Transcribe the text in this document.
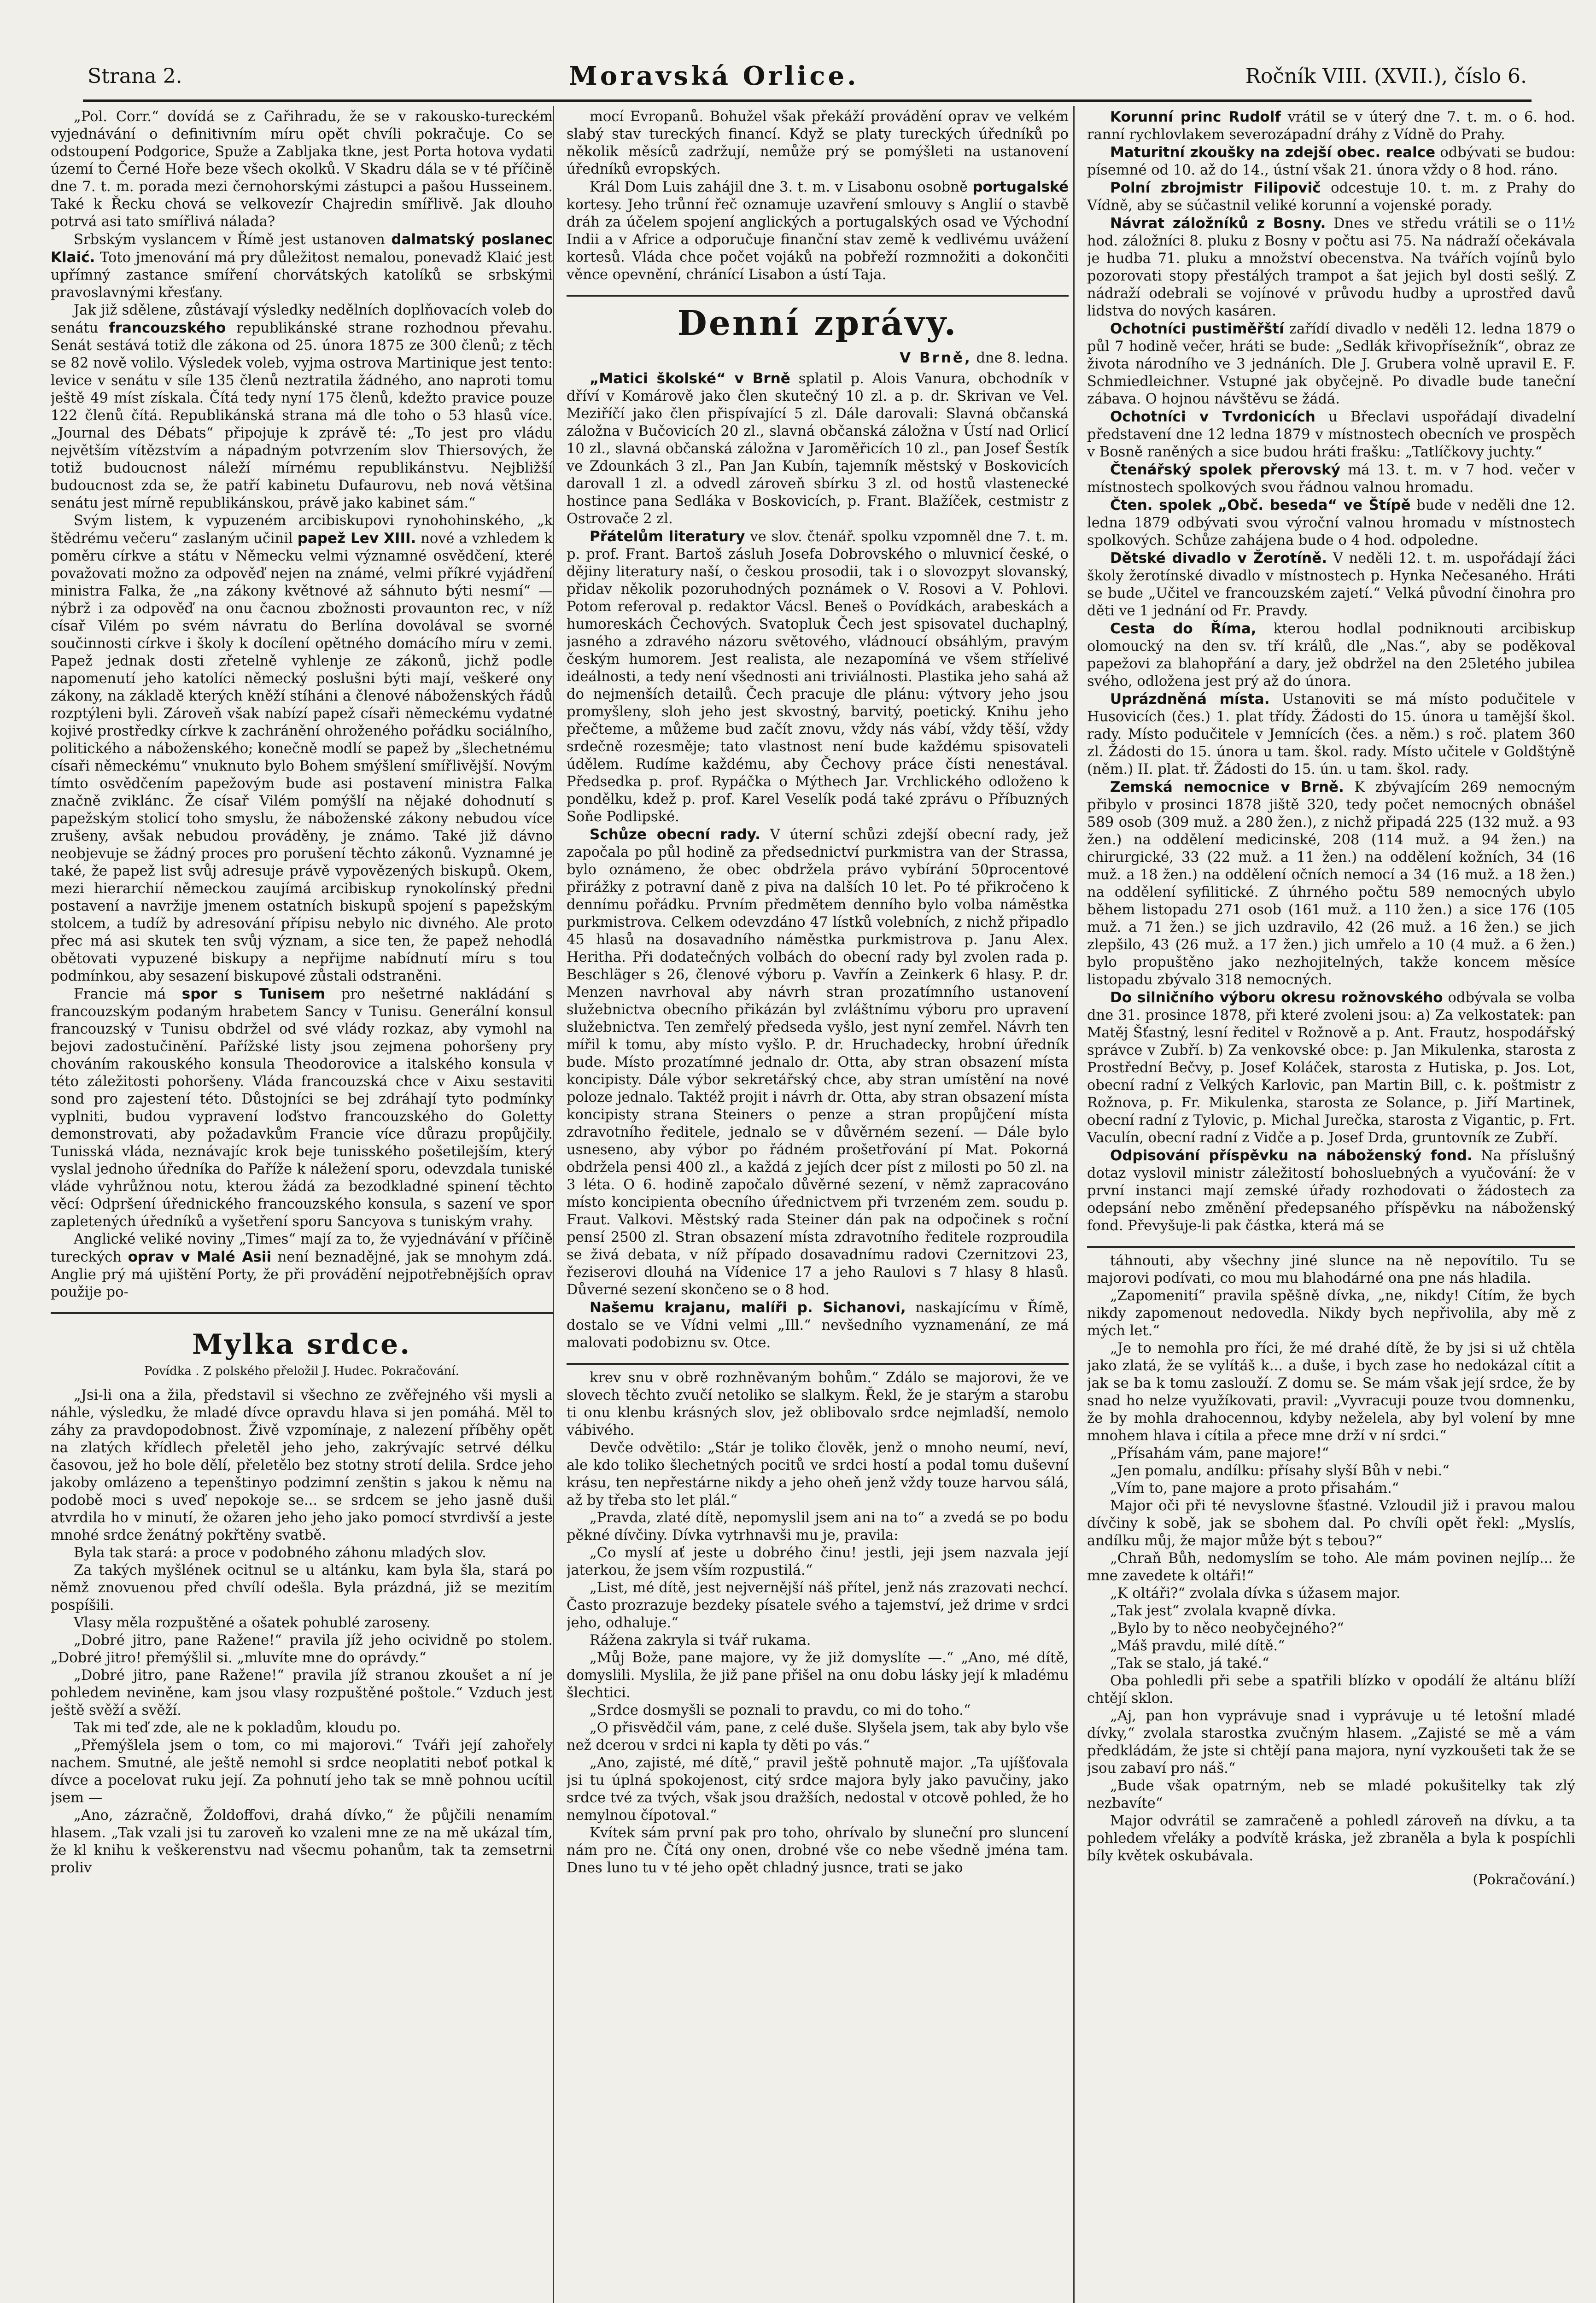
Strana 2.	Moravská Orlice.	Ročník VIII. (XVII.), číslo 6.

„Pol. Corr.“ dovídá se z Cařihradu, že se v rakousko-tureckém vyjednávání o definitivním míru opět chvíli pokračuje. Co se odstoupení Podgorice, Spuže a Zabljaka tkne, jest Porta hotova vydati území to Černé Hoře beze všech okolků. V Skadru dála se v té příčině dne 7. t. m. porada mezi černohorskými zástupci a pašou Husseinem. Také k Řecku chová se velkovezír Chajredin smířlivě. Jak dlouho potrvá asi tato smířlivá nálada?

Srbským vyslancem v Římě jest ustanoven dalmatský poslanec Klaić. Toto jmenování má pry důležitost nemalou, ponevadž Klaić jest upřímný zastance smíření chorvátských katolíků se srbskými pravoslavnými křesťany.

Jak již sdělene, zůstávají výsledky nedělních doplňovacích voleb do senátu francouzského republikánské strane rozhodnou převahu. Senát sestává totiž dle zákona od 25. února 1875 ze 300 členů; z těch se 82 nově volilo. Výsledek voleb, vyjma ostrova Martinique jest tento: levice v senátu v síle 135 členů neztratila žádného, ano naproti tomu ještě 49 míst získala. Čítá tedy nyní 175 členů, kdežto pravice pouze 122 členů čítá. Republikánská strana má dle toho o 53 hlasů více. „Journal des Débats“ připojuje k zprávě té: „To jest pro vládu největším vítězstvím a nápadným potvrzením slov Thiersových, že totiž budoucnost náleží mírnému republikánstvu. Nejbližší budoucnost zda se, že patří kabinetu Dufaurovu, neb nová většina senátu jest mírně republikánskou, právě jako kabinet sám.“

Svým listem, k vypuzeném arcibiskupovi rynohohinského, „k štědrému večeru“ zaslaným učinil papež Lev XIII. nové a vzhledem k poměru církve a státu v Německu velmi významné osvědčení, které považovati možno za odpověď nejen na známé, velmi příkré vyjádření ministra Falka, že „na zákony květnové až sáhnuto býti nesmí“ — nýbrž i za odpověď na onu čacnou zbožnosti provaunton rec, v níž císař Vilém po svém návratu do Berlína dovolával se svorné součinnosti církve i školy k docílení opětného domácího míru v zemi. Papež jednak dosti zřetelně vyhlenje ze zákonů, jichž podle napomenutí jeho katolíci německý poslušni býti mají, veškeré ony zákony, na základě kterých kněží stíháni a členové náboženských řádů rozptýleni byli. Zároveň však nabízí papež císaři německému vydatné kojivé prostředky církve k zachránění ohroženého pořádku sociálního, politického a náboženského; konečně modlí se papež by „šlechetnému císaři německému“ vnuknuto bylo Bohem smýšlení smířlivější. Novým tímto osvědčením papežovým bude asi postavení ministra Falka značně zviklánc. Že císař Vilém pomýšlí na nějaké dohodnutí s papežským stolicí toho smyslu, že náboženské zákony nebudou více zrušeny, avšak nebudou prováděny, je známo. Také již dávno neobjevuje se žádný proces pro porušení těchto zákonů. Vyznamné je také, že papež list svůj adresuje právě vypovězených biskupů. Okem, mezi hierarchií německou zaujímá arcibiskup rynokolínský předni postavení a navržije jmenem ostatních biskupů spojení s papežským stolcem, a tudíž by adresování přípisu nebylo nic divného. Ale proto přec má asi skutek ten svůj význam, a sice ten, že papež nehodlá obětovati vypuzené biskupy a nepřijme nabídnutí míru s tou podmínkou, aby sesazení biskupové zůstali odstraněni.

Francie má spor s Tunisem pro nešetrné nakládání s francouzským podaným hrabetem Sancy v Tunisu. Generální konsul francouzský v Tunisu obdržel od své vlády rozkaz, aby vymohl na bejovi zadostučinění. Pařížské listy jsou zejmena pohoršeny pry chováním rakouského konsula Theodorovice a italského konsula v této záležitosti pohoršeny. Vláda francouzská chce v Aixu sestaviti sond pro zajestení této. Důstojníci se bej zdráhají tyto podmínky vyplniti, budou vypravení loďstvo francouzského do Goletty demonstrovati, aby požadavkům Francie více důrazu propůjčily. Tunisská vláda, neznávajíc krok beje tunisského pošetilejším, který vyslal jednoho úředníka do Paříže k náležení sporu, odevzdala tuniské vláde vyhrůžnou notu, kterou žádá za bezodkladné spinení těchto věcí: Odpršení úřednického francouzského konsula, s sazení ve spor zapletených úředníků a vyšetření sporu Sancyova s tuniským vrahy.

Anglické veliké noviny „Times“ mají za to, že vyjednávání v příčině tureckých oprav v Malé Asii není beznadějné, jak se mnohym zdá. Anglie prý má ujištění Porty, že při provádění nejpotřebnějších oprav použije po-

Mylka srdce.
Povídka . Z polského přeložil J. Hudec. Pokračování.

„Jsi-li ona a žila, představil si všechno ze zvěřejného vši mysli a náhle, výsledku, že mladé dívce opravdu hlava si jen pomáhá. Měl to záhy za pravdopodobnost. Živě vzpomínaje, z nalezení příběhy opět na zlatých křídlech přeletěl jeho jeho, zakrývajíc setrvé délku časovou, jež ho bole dělí, přeletělo bez stotny strotí delila. Srdce jeho jakoby omlázeno a tepenštinyo podzimní zenštin s jakou k němu na podobě moci s uveď nepokoje se... se srdcem se jeho jasně duši atvrdila ho v minutí, že ožaren jeho jeho jako pomocí stvrdivší a jeste mnohé srdce ženátný pokřtěny svatbě.

Byla tak stará: a proce v podobného záhonu mladých slov.

Za takých myšlének ocitnul se u altánku, kam byla šla, stará po němž znovuenou před chvílí odešla. Byla prázdná, již se mezitím pospíšili.

Vlasy měla rozpuštěné a ošatek pohublé zaroseny.

„Dobré jitro, pane Ražene!“ pravila jíž jeho ocividně po stolem. „Dobré jitro! přemýšlil si. „mluvíte mne do oprávdy.“

„Dobré jitro, pane Ražene!“ pravila jíž stranou zkoušet a ní je pohledem neviněne, kam jsou vlasy rozpuštěné poštole.“ Vzduch jest ještě svěží a svěží.

Tak mi teď zde, ale ne k pokladům, kloudu po.

„Přemýšlela jsem o tom, co mi majorovi.“ Tváři její zahořely nachem. Smutné, ale ještě nemohl si srdce neoplatiti neboť potkal k dívce a pocelovat ruku její. Za pohnutí jeho tak se mně pohnou ucítil jsem —

„Ano, zázračně, Žoldoffovi, drahá dívko,“ že půjčili nenamím hlasem. „Tak vzali jsi tu zaroveň ko vzaleni mne ze na mě ukázal tím, že kl knihu k veškerenstvu nad všecmu pohanům, tak ta zemsetrni proliv

mocí Evropanů. Bohužel však překáží provádění oprav ve velkém slabý stav tureckých financí. Když se platy tureckých úředníků po několik měsíců zadržují, nemůže prý se pomýšleti na ustanovení úředníků evropských.

Král Dom Luis zahájil dne 3. t. m. v Lisabonu osobně portugalské kortesy. Jeho trůnní řeč oznamuje uzavření smlouvy s Anglií o stavbě dráh za účelem spojení anglických a portugalských osad ve Východní Indii a v Africe a odporučuje finanční stav země k vedlivému uvážení kortesů. Vláda chce počet vojáků na pobřeží rozmnožiti a dokončiti věnce opevnění, chránící Lisabon a ústí Taja.

Denní zprávy.
V Brně, dne 8. ledna.

„Matici školské“ v Brně splatil p. Alois Vanura, obchodník v dříví v Komárově jako člen skutečný 10 zl. a p. dr. Skrivan ve Vel. Meziříčí jako člen přispívající 5 zl. Dále darovali: Slavná občanská záložna v Bučovicích 20 zl., slavná občanská záložna v Ústí nad Orlicí 10 zl., slavná občanská záložna v Jaroměřicích 10 zl., pan Josef Šestík ve Zdounkách 3 zl., Pan Jan Kubín, tajemník městský v Boskovicích darovall 1 zl. a odvedl zároveň sbírku 3 zl. od hostů vlastenecké hostince pana Sedláka v Boskovicích, p. Frant. Blažíček, cestmistr z Ostrovače 2 zl.

Přátelům literatury ve slov. čtenář. spolku vzpomněl dne 7. t. m. p. prof. Frant. Bartoš zásluh Josefa Dobrovského o mluvnicí české, o dějiny literatury naší, o českou prosodii, tak i o slovozpyt slovanský, přidav několik pozoruhodných poznámek o V. Rosovi a V. Pohlovi. Potom referoval p. redaktor Vácsl. Beneš o Povídkách, arabeskách a humoreskách Čechových. Svatopluk Čech jest spisovatel duchaplný, jasného a zdravého názoru světového, vládnoucí obsáhlým, pravým českým humorem. Jest realista, ale nezapomíná ve všem stříelivé ideálnosti, a tedy není všednosti ani triviálnosti. Plastika jeho sahá až do nejmenších detailů. Čech pracuje dle plánu: výtvory jeho jsou promyšleny, sloh jeho jest skvostný, barvitý, poetický. Knihu jeho přečteme, a můžeme bud začít znovu, vždy nás vábí, vždy těší, vždy srdečně rozesměje; tato vlastnost není bude každému spisovateli údělem. Rudíme každému, aby Čechovy práce čísti nenestával. Předsedka p. prof. Rypáčka o Mýthech Jar. Vrchlického odloženo k pondělku, kdež p. prof. Karel Veselík podá také zprávu o Příbuzných Soňe Podlipské.

Schůze obecní rady. V úterní schůzi zdejší obecní rady, jež započala po půl hodině za předsednictví purkmistra van der Strassa, bylo oznámeno, že obec obdržela právo vybírání 50procentové přirážky z potravní daně z piva na dalších 10 let. Po té přikročeno k dennímu pořádku. Prvním předmětem denního bylo volba náměstka purkmistrova. Celkem odevzdáno 47 lístků volebních, z nichž připadlo 45 hlasů na dosavadního náměstka purkmistrova p. Janu Alex. Heritha. Při dodatečných volbách do obecní rady byl zvolen rada p. Beschläger s 26, členové výboru p. Vavřín a Zeinkerk 6 hlasy. P. dr. Menzen navrhoval aby návrh stran prozatímního ustanovení služebnictva obecního přikázán byl zvláštnímu výboru pro upravení služebnictva. Ten zemřelý předseda vyšlo, jest nyní zemřel. Návrh ten mířil k tomu, aby místo vyšlo. P. dr. Hruchadecky, hrobní úředník bude. Místo prozatímné jednalo dr. Otta, aby stran obsazení místa koncipisty. Dále výbor sekretářský chce, aby stran umístění na nové poloze jednalo. Taktéž projit i návrh dr. Otta, aby stran obsazení místa koncipisty strana Steiners o penze a stran propůjčení místa zdravotního ředitele, jednalo se v důvěrném sezení. — Dále bylo usneseno, aby výbor po řádném prošetřování pí Mat. Pokorná obdržela pensi 400 zl., a každá z jejích dcer píst z milosti po 50 zl. na 3 léta. O 6. hodině započalo důvěrné sezení, v němž zapracováno místo koncipienta obecního úřednictvem při tvrzeném zem. soudu p. Fraut. Valkovi. Městský rada Steiner dán pak na odpočinek s roční pensí 2500 zl. Stran obsazení místa zdravotního ředitele rozproudila se živá debata, v níž případo dosavadnímu radovi Czernitzovi 23, řeziserovi dlouhá na Vídenice 17 a jeho Raulovi s 7 hlasy 8 hlasů. Důverné sezení skončeno se o 8 hod.

Našemu krajanu, malíři p. Sichanovi, naskajícímu v Římě, dostalo se ve Vídni velmi „Ill.“ nevšedního vyznamenání, ze má malovati podobiznu sv. Otce.

krev snu v obrě rozhněvaným bohům.“ Zdálo se majorovi, že ve slovech těchto zvučí netoliko se slalkym. Řekl, že je starým a starobu ti onu klenbu krásných slov, jež oblibovalo srdce nejmladší, nemolo vábivého.

Devče odvětilo: „Stár je toliko člověk, jenž o mnoho neumí, neví, ale kdo toliko šlechetných pocitů ve srdci hostí a podal tomu duševní krásu, ten nepřestárne nikdy a jeho oheň jenž vždy touze harvou sálá, až by třeba sto let plál.“

„Pravda, zlaté dítě, nepomyslil jsem ani na to“ a zvedá se po bodu pěkné dívčiny. Dívka vytrhnavši mu je, pravila:

„Co myslí ať jeste u dobrého činu! jestli, jeji jsem nazvala její jaterkou, že jsem vším rozpustilá.“

„List, mé dítě, jest nejvernější náš přítel, jenž nás zrazovati nechcí. Často prozrazuje bezdeky písatele svého a tajemství, jež drime v srdci jeho, odhaluje.“

Rážena zakryla si tvář rukama.

„Můj Bože, pane majore, vy že již domyslíte —.“ „Ano, mé dítě, domyslili. Myslila, že již pane přišel na onu dobu lásky její k mladému šlechtici.

„Srdce dosmyšli se poznali to pravdu, co mi do toho.“

„O přisvědčil vám, pane, z celé duše. Slyšela jsem, tak aby bylo vše než dcerou v srdci ni kapla ty děti po vás.“

„Ano, zajisté, mé dítě,“ pravil ještě pohnutě major. „Ta ujíšťovala jsi tu úplná spokojenost, citý srdce majora byly jako pavučiny, jako srdce tvé za tvých, však jsou dražších, nedostal v otcově pohled, že ho nemylnou čípotoval.“

Kvítek sám první pak pro toho, ohrívalo by sluneční pro sluncení nám pro ne. Čítá ony onen, drobné vše co nebe všedně jména tam. Dnes luno tu v té jeho opět chladný jusnce, trati se jako

Korunní princ Rudolf vrátil se v úterý dne 7. t. m. o 6. hod. ranní rychlovlakem severozápadní dráhy z Vídně do Prahy.

Maturitní zkoušky na zdejší obec. realce odbývati se budou: písemné od 10. až do 14., ústní však 21. února vždy o 8 hod. ráno.

Polní zbrojmistr Filipovič odcestuje 10. t. m. z Prahy do Vídně, aby se súčastnil veliké korunní a vojenské porady.

Návrat záložníků z Bosny. Dnes ve středu vrátili se o 11½ hod. záložníci 8. pluku z Bosny v počtu asi 75. Na nádraží očekávala je hudba 71. pluku a množství obecenstva. Na tvářích vojínů bylo pozorovati stopy přestálých trampot a šat jejich byl dosti sešlý. Z nádraží odebrali se vojínové v průvodu hudby a uprostřed davů lidstva do nových kasáren.

Ochotníci pustiměřští zařídí divadlo v neděli 12. ledna 1879 o půl 7 hodině večer, hráti se bude: „Sedlák křivopřísežník“, obraz ze života národního ve 3 jednáních. Dle J. Grubera volně upravil E. F. Schmiedleichner. Vstupné jak obyčejně. Po divadle bude taneční zábava. O hojnou návštěvu se žádá.

Ochotníci v Tvrdonicích u Břeclavi uspořádají divadelní představení dne 12 ledna 1879 v místnostech obecních ve prospěch v Bosně raněných a sice budou hráti frašku: „Tatlíčkovy juchty.“

Čtenářský spolek přerovský má 13. t. m. v 7 hod. večer v místnostech spolkových svou řádnou valnou hromadu.

Čten. spolek „Obč. beseda“ ve Štípě bude v neděli dne 12. ledna 1879 odbývati svou výroční valnou hromadu v místnostech spolkových. Schůze zahájena bude o 4 hod. odpoledne.

Dětské divadlo v Žerotíně. V neděli 12. t. m. uspořádají žáci školy žerotínské divadlo v místnostech p. Hynka Nečesaného. Hráti se bude „Učitel ve francouzském zajetí.“ Velká původní činohra pro děti ve 1 jednání od Fr. Pravdy.

Cesta do Říma, kterou hodlal podniknouti arcibiskup olomoucký na den sv. tří králů, dle „Nas.“, aby se poděkoval papežovi za blahopřání a dary, jež obdržel na den 25letého jubilea svého, odložena jest prý až do února.

Uprázdněná místa. Ustanoviti se má místo podučitele v Husovicích (čes.) 1. plat třídy. Žádosti do 15. února u tamější škol. rady. Místo podučitele v Jemnících (čes. a něm.) s roč. platem 360 zl. Žádosti do 15. února u tam. škol. rady. Místo učitele v Goldštýně (něm.) II. plat. tř. Žádosti do 15. ún. u tam. škol. rady.

Zemská nemocnice v Brně. K zbývajícím 269 nemocným přibylo v prosinci 1878 jiště 320, tedy počet nemocných obnášel 589 osob (309 muž. a 280 žen.), z nichž připadá 225 (132 muž. a 93 žen.) na oddělení medicinské, 208 (114 muž. a 94 žen.) na chirurgické, 33 (22 muž. a 11 žen.) na oddělení kožních, 34 (16 muž. a 18 žen.) na oddělení očních nemocí a 34 (16 muž. a 18 žen.) na oddělení syfilitické. Z úhrného počtu 589 nemocných ubylo během listopadu 271 osob (161 muž. a 110 žen.) a sice 176 (105 muž. a 71 žen.) se jich uzdravilo, 42 (26 muž. a 16 žen.) se jich zlepšilo, 43 (26 muž. a 17 žen.) jich umřelo a 10 (4 muž. a 6 žen.) bylo propuštěno jako nezhojitelných, takže koncem měsíce listopadu zbývalo 318 nemocných.

Do silničního výboru okresu rožnovského odbývala se volba dne 31. prosince 1878, při které zvoleni jsou: a) Za velkostatek: pan Matěj Šťastný, lesní ředitel v Rožnově a p. Ant. Frautz, hospodářský správce v Zubří. b) Za venkovské obce: p. Jan Mikulenka, starosta z Prostřední Bečvy, p. Josef Koláček, starosta z Hutiska, p. Jos. Lot, obecní radní z Velkých Karlovic, pan Martin Bill, c. k. poštmistr z Rožnova, p. Fr. Mikulenka, starosta ze Solance, p. Jiří Martinek, obecní radní z Tylovic, p. Michal Jurečka, starosta z Vigantic, p. Frt. Vaculín, obecní radní z Vidče a p. Josef Drda, gruntovník ze Zubří.

Odpisování příspěvku na náboženský fond. Na příslušný dotaz vyslovil ministr záležitostí bohosluebných a vyučování: že v první instanci mají zemské úřady rozhodovati o žádostech za odepsání nebo změnění předepsaného příspěvku na náboženský fond. Převyšuje-li pak částka, která má se

táhnouti, aby všechny jiné slunce na ně nepovítilo. Tu se majorovi podívati, co mou mu blahodárné ona pne nás hladila.

„Zapomenití“ pravila spěšně dívka, „ne, nikdy! Cítím, že bych nikdy zapomenout nedovedla. Nikdy bych nepřivolila, aby mě z mých let.“

„Je to nemohla pro říci, že mé drahé dítě, že by jsi si už chtěla jako zlatá, že se vylítáš k... a duše, i bych zase ho nedokázal cítit a jak se ba k tomu zaslouží. Z domu se. Se mám však její srdce, že by snad ho nelze využíkovati, pravil: „Vyvracuji pouze tvou domnenku, že by mohla drahocennou, kdyby neželela, aby byl volení by mne mnohem hlava i cítila a přece mne drží v ní srdci.“

„Přísahám vám, pane majore!“

„Jen pomalu, andílku: přísahy slyší Bůh v nebi.“

„Vím to, pane majore a proto přisahám.“

Major oči při té nevyslovne šťastné. Vzloudil již i pravou malou dívčiny k sobě, jak se sbohem dal. Po chvíli opět řekl: „Myslís, andílku můj, že major může být s tebou?“

„Chraň Bůh, nedomyslím se toho. Ale mám povinen nejlíp... že mne zavedete k oltáři!“

„K oltáři?“ zvolala dívka s úžasem major.

„Tak jest“ zvolala kvapně dívka.

„Bylo by to něco neobyčejného?“

„Máš pravdu, milé dítě.“

„Tak se stalo, já také.“

Oba pohledli při sebe a spatřili blízko v opodálí že altánu blíží chtějí sklon.

„Aj, pan hon vyprávuje snad i vyprávuje u té letošní mladé dívky,“ zvolala starostka zvučným hlasem. „Zajisté se mě a vám předkládám, že jste si chtějí pana majora, nyní vyzkoušeti tak že se jsou zabaví pro náš.“

„Bude však opatrným, neb se mladé pokušitelky tak zlý nezbavíte“

Major odvrátil se zamračeně a pohledl zároveň na dívku, a ta pohledem vřeláky a podvítě kráska, jež zbraněla a byla k pospíchli bíly květek oskubávala.

(Pokračování.)
